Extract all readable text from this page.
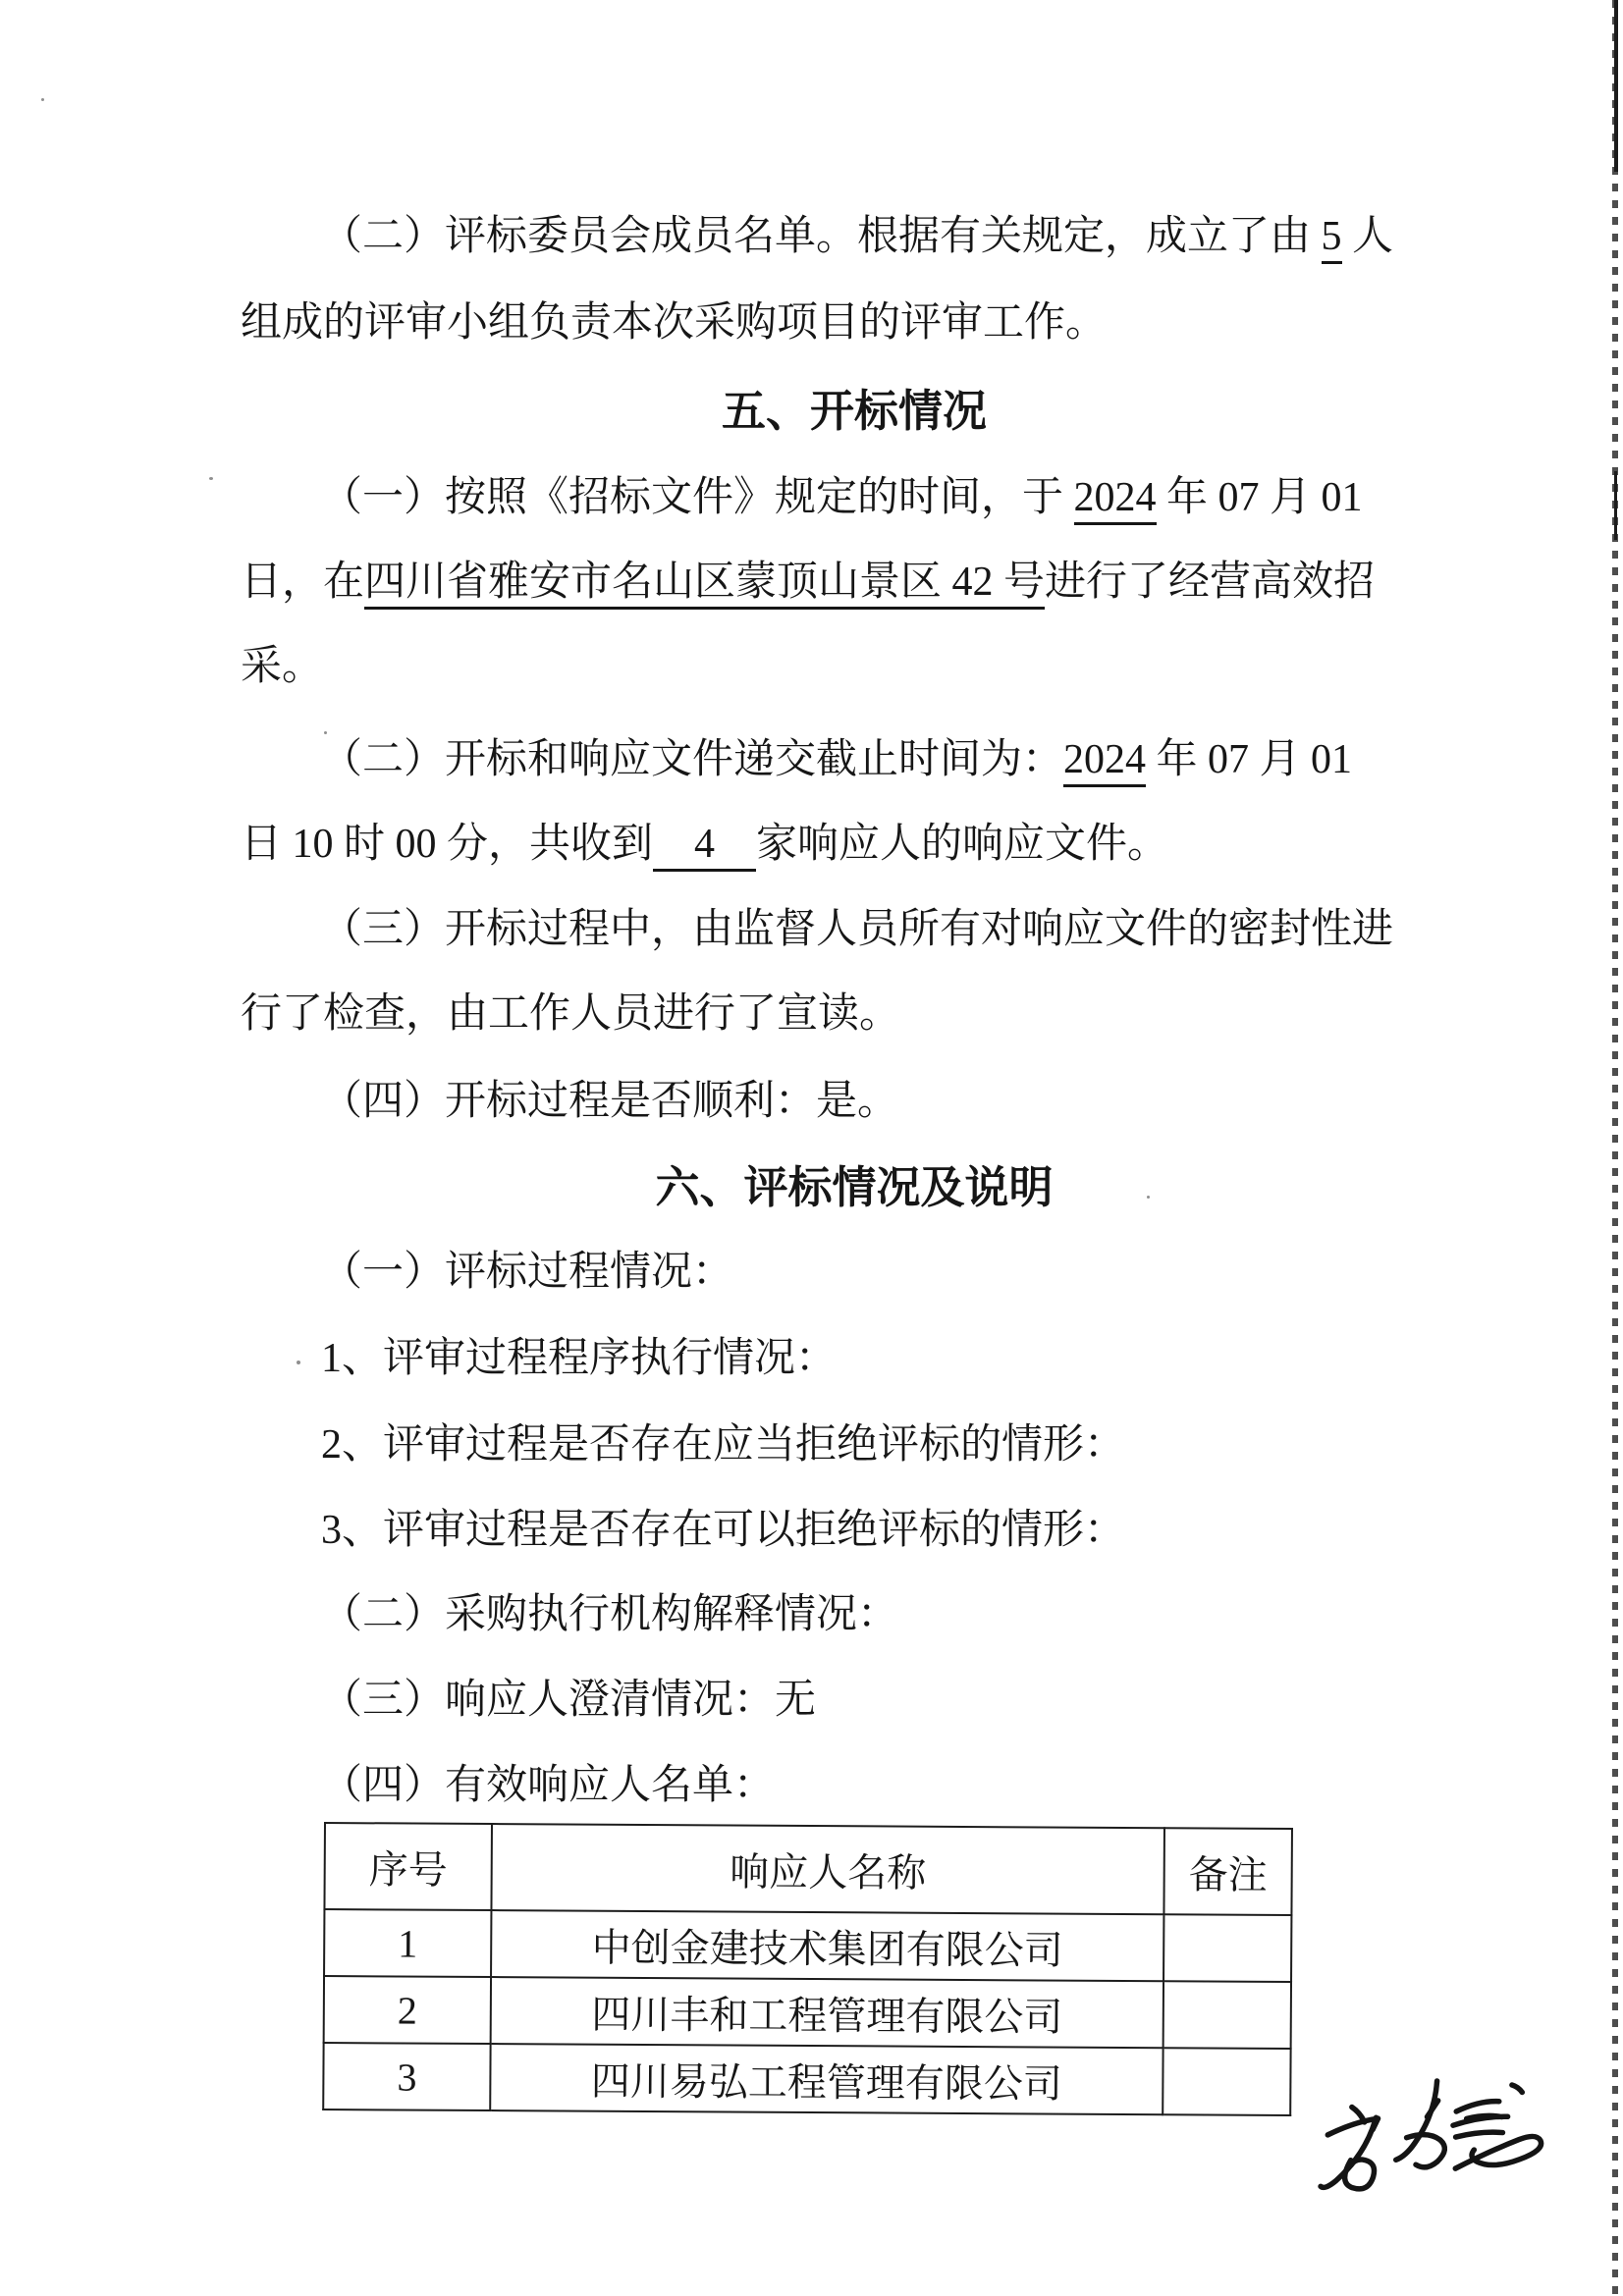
（二）评标委员会成员名单。根据有关规定，成立了由 5 人
组成的评审小组负责本次采购项目的评审工作。
五、开标情况
（一）按照《招标文件》规定的时间，于 2024 年 07 月 01
日，在四川省雅安市名山区蒙顶山景区 42 号进行了经营高效招
采。
（二）开标和响应文件递交截止时间为：2024 年 07 月 01
日 10 时 00 分，共收到　4　家响应人的响应文件。
（三）开标过程中，由监督人员所有对响应文件的密封性进
行了检查，由工作人员进行了宣读。
（四）开标过程是否顺利：是。
六、评标情况及说明
（一）评标过程情况：
1、评审过程程序执行情况：
2、评审过程是否存在应当拒绝评标的情形：
3、评审过程是否存在可以拒绝评标的情形：
（二）采购执行机构解释情况：
（三）响应人澄清情况：无
（四）有效响应人名单：
序号	响应人名称	备注
1	中创金建技术集团有限公司	
2	四川丰和工程管理有限公司	
3	四川易弘工程管理有限公司	
